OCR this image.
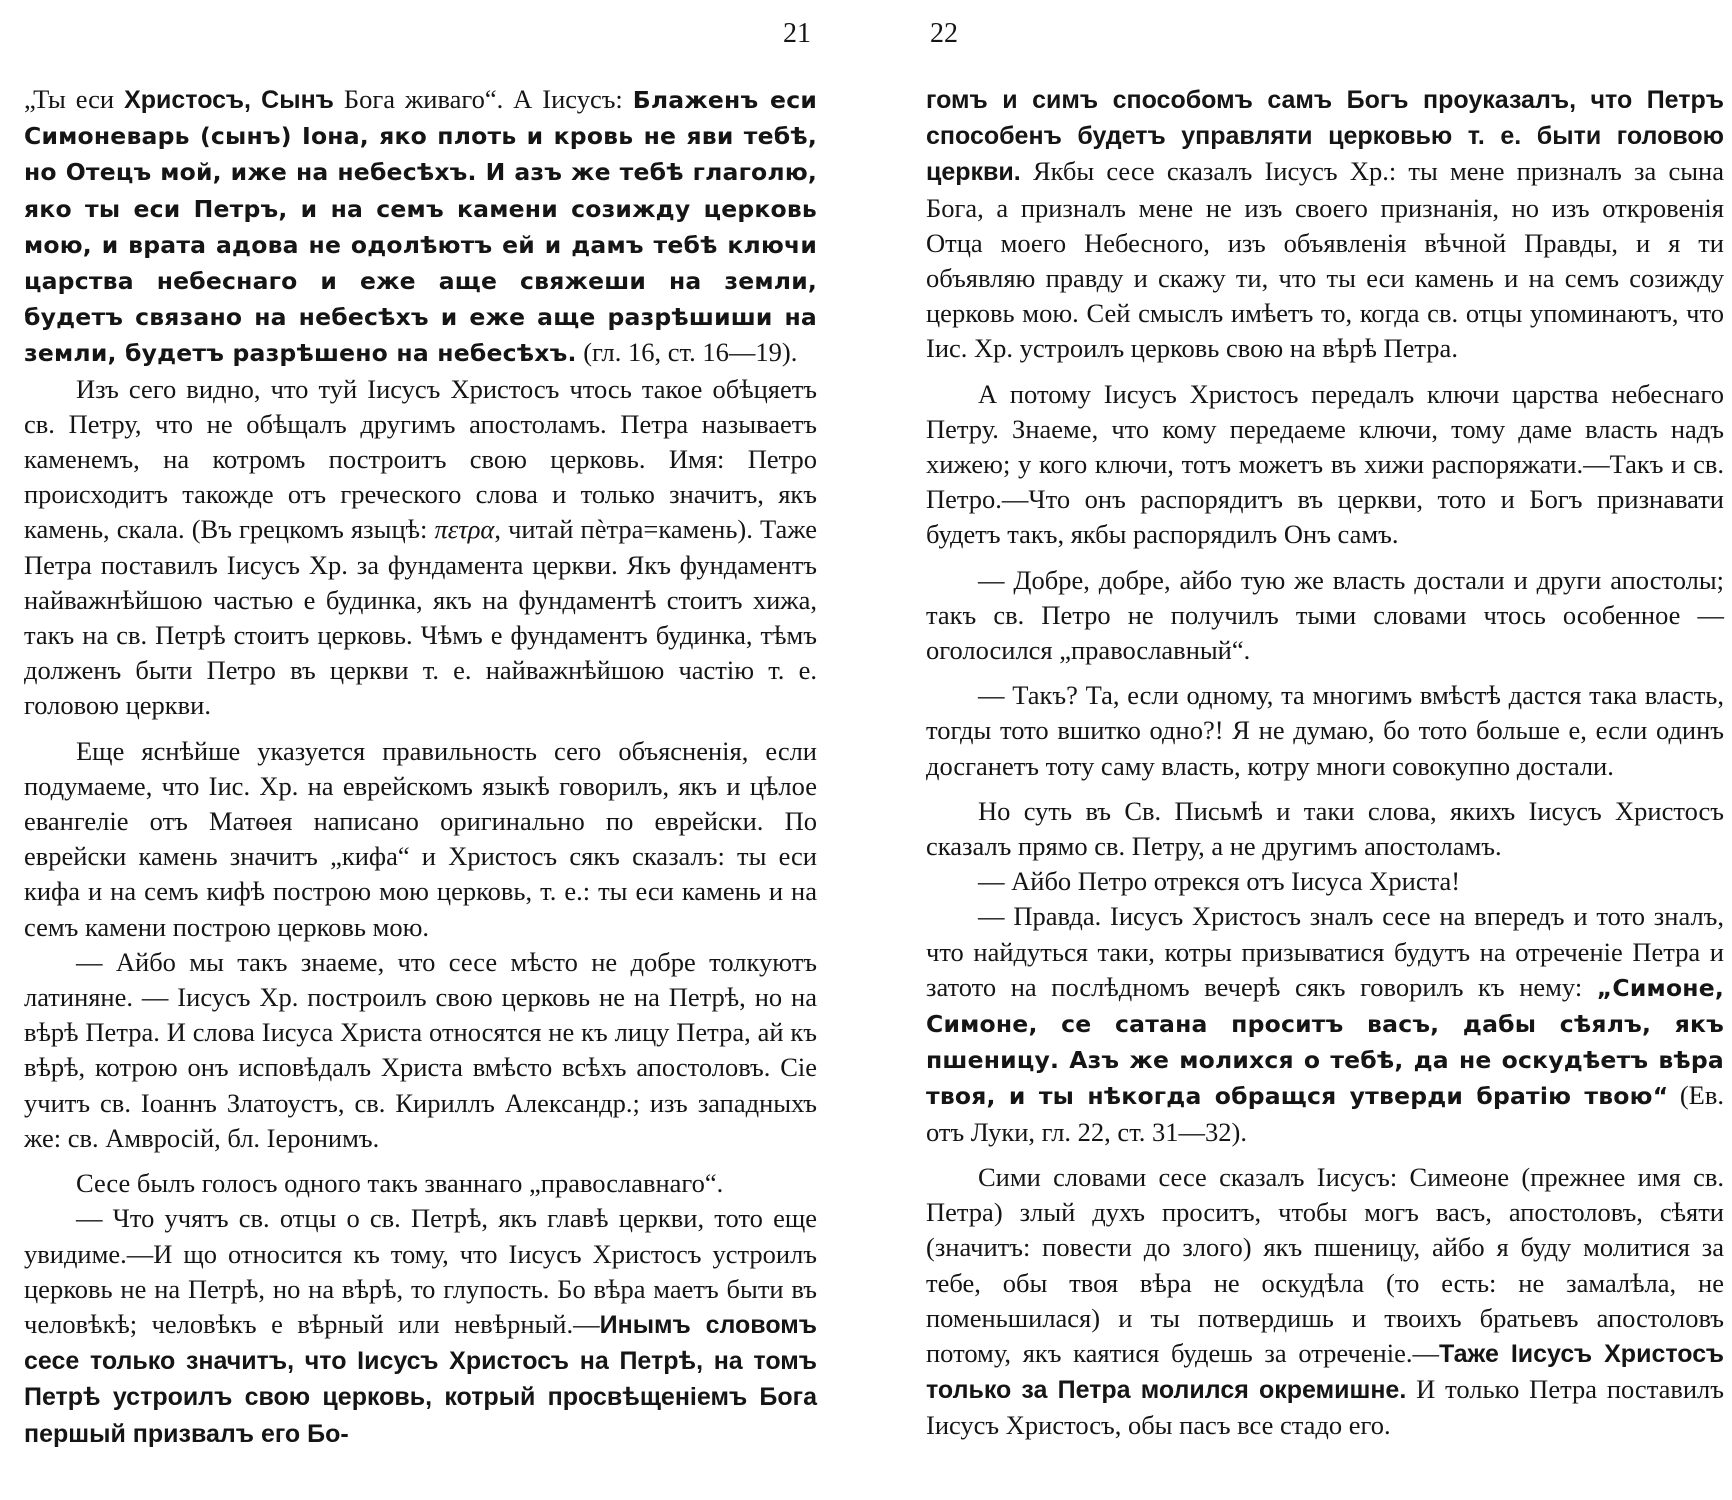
21

„Ты еси Христосъ, Сынъ Бога живаго“. А Іисусъ: Блаженъ еси Симоневарь (сынъ) Іона, яко плоть и кровь не яви тебѣ, но Отецъ мой, иже на небесѣхъ. И азъ же тебѣ глаголю, яко ты еси Петръ, и на семъ камени созижду церковь мою, и врата адова не одолѣютъ ей и дамъ тебѣ ключи царства небеснаго и еже аще свяжеши на земли, будетъ связано на небесѣхъ и еже аще разрѣшиши на земли, будетъ разрѣшено на небесѣхъ. (гл. 16, ст. 16—19).

Изъ сего видно, что туй Іисусъ Христосъ чтось такое обѣцяетъ св. Петру, что не обѣщалъ другимъ апостоламъ. Петра называетъ каменемъ, на котромъ построитъ свою церковь. Имя: Петро происходитъ такожде отъ греческого слова и только значитъ, якъ камень, скала. (Въ грецкомъ языцѣ: πετρα, читай пѐтра=камень). Таже Петра поставилъ Іисусъ Хр. за фундамента церкви. Якъ фундаментъ найважнѣйшою частью е будинка, якъ на фундаментѣ стоитъ хижа, такъ на св. Петрѣ стоитъ церковь. Чѣмъ е фундаментъ будинка, тѣмъ долженъ быти Петро въ церкви т. е. найважнѣйшою частію т. е. головою церкви.

Еще яснѣйше указуется правильность сего объясненія, если подумаеме, что Іис. Хр. на еврейскомъ языкѣ говорилъ, якъ и цѣлое евангеліе отъ Матѳея написано оригинально по еврейски. По еврейски камень значитъ „кифа“ и Христосъ сякъ сказалъ: ты еси кифа и на семъ кифѣ построю мою церковь, т. е.: ты еси камень и на семъ камени построю церковь мою.

— Айбо мы такъ знаеме, что сесе мѣсто не добре толкуютъ латиняне. — Іисусъ Хр. построилъ свою церковь не на Петрѣ, но на вѣрѣ Петра. И слова Іисуса Христа относятся не къ лицу Петра, ай къ вѣрѣ, котрою онъ исповѣдалъ Христа вмѣсто всѣхъ апостоловъ. Сіе учитъ св. Іоаннъ Златоустъ, св. Кириллъ Александр.; изъ западныхъ же: св. Амвросій, бл. Іеронимъ.

Сесе былъ голосъ одного такъ званнаго „православнаго“.

— Что учятъ св. отцы о св. Петрѣ, якъ главѣ церкви, тото еще увидиме.—И що относится къ тому, что Іисусъ Христосъ устроилъ церковь не на Петрѣ, но на вѣрѣ, то глупость. Бо вѣра маетъ быти въ человѣкѣ; человѣкъ е вѣрный или невѣрный.—Инымъ словомъ сесе только значитъ, что Іисусъ Христосъ на Петрѣ, на томъ Петрѣ устроилъ свою церковь, котрый просвѣщеніемъ Бога першый призвалъ его Бо-

22

гомъ и симъ способомъ самъ Богъ проуказалъ, что Петръ способенъ будетъ управляти церковью т. е. быти головою церкви. Якбы сесе сказалъ Іисусъ Хр.: ты мене призналъ за сына Бога, а призналъ мене не изъ своего признанія, но изъ откровенія Отца моего Небесного, изъ объявленія вѣчной Правды, и я ти объявляю правду и скажу ти, что ты еси камень и на семъ созижду церковь мою. Сей смыслъ имѣетъ то, когда св. отцы упоминаютъ, что Іис. Хр. устроилъ церковь свою на вѣрѣ Петра.

А потому Іисусъ Христосъ передалъ ключи царства небеснаго Петру. Знаеме, что кому передаеме ключи, тому даме власть надъ хижею; у кого ключи, тотъ можетъ въ хижи распоряжати.—Такъ и св. Петро.—Что онъ распорядитъ въ церкви, тото и Богъ признавати будетъ такъ, якбы распорядилъ Онъ самъ.

— Добре, добре, айбо тую же власть достали и други апостолы; такъ св. Петро не получилъ тыми словами чтось особенное —оголосился „православный“.

— Такъ? Та, если одному, та многимъ вмѣстѣ дастся така власть, тогды тото вшитко одно?! Я не думаю, бо тото больше е, если одинъ досганетъ тоту саму власть, котру многи совокупно достали.

Но суть въ Св. Письмѣ и таки слова, якихъ Іисусъ Христосъ сказалъ прямо св. Петру, а не другимъ апостоламъ.

— Айбо Петро отрекся отъ Іисуса Христа!

— Правда. Іисусъ Христосъ зналъ сесе на впередъ и тото зналъ, что найдуться таки, котры призыватися будутъ на отреченіе Петра и затото на послѣдномъ вечерѣ сякъ говорилъ къ нему: „Симоне, Симоне, се сатана проситъ васъ, дабы сѣялъ, якъ пшеницу. Азъ же молихся о тебѣ, да не оскудѣетъ вѣра твоя, и ты нѣкогда обращся утверди братію твою“ (Ев. отъ Луки, гл. 22, ст. 31—32).

Сими словами сесе сказалъ Іисусъ: Симеоне (прежнее имя св. Петра) злый духъ проситъ, чтобы могъ васъ, апостоловъ, сѣяти (значитъ: повести до злого) якъ пшеницу, айбо я буду молитися за тебе, обы твоя вѣра не оскудѣла (то есть: не замалѣла, не поменьшилася) и ты потвердишь и твоихъ братьевъ апостоловъ потому, якъ каятися будешь за отреченіе.—Таже Іисусъ Христосъ только за Петра молился окремишне. И только Петра поставилъ Іисусъ Христосъ, обы пасъ все стадо его.
